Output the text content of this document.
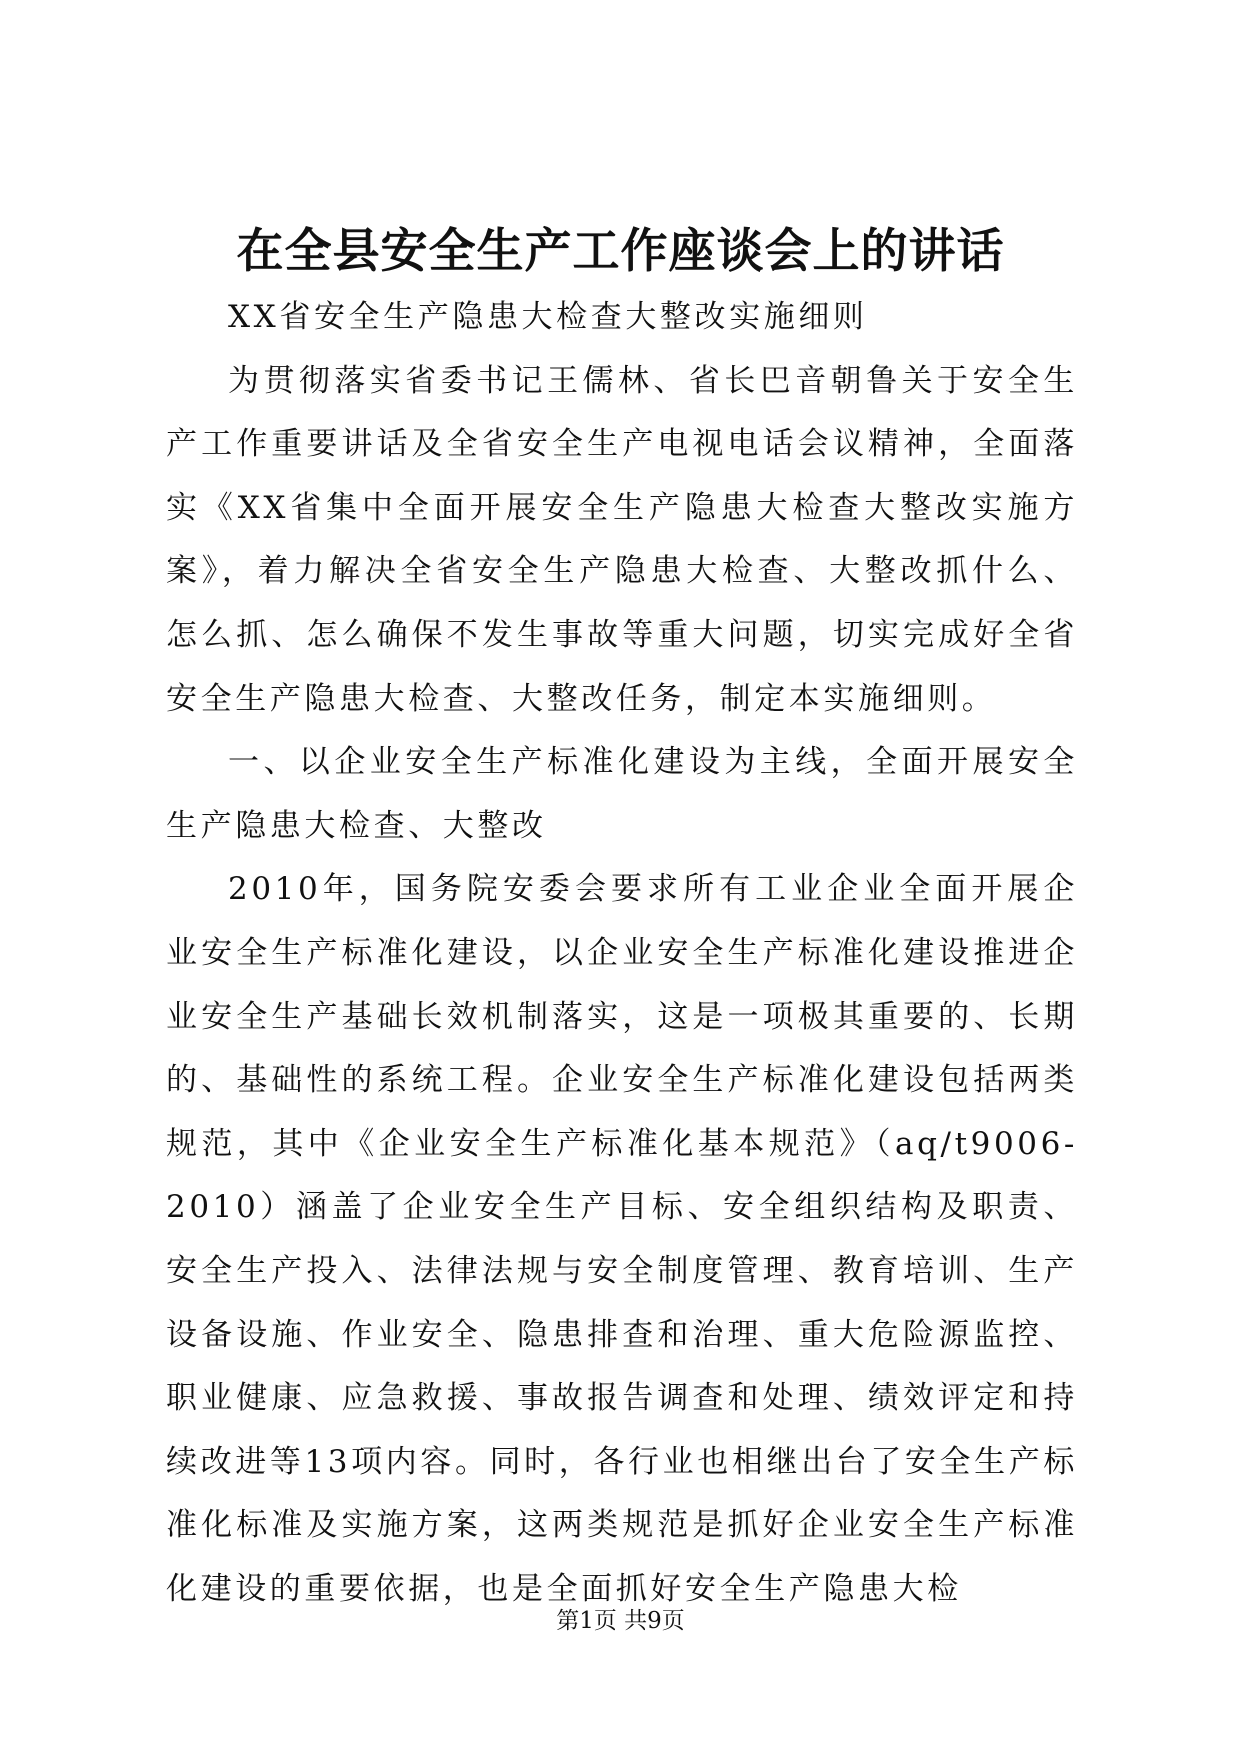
在全县安全生产工作座谈会上的讲话

XX省安全生产隐患大检查大整改实施细则

为贯彻落实省委书记王儒林、省长巴音朝鲁关于安全生产工作重要讲话及全省安全生产电视电话会议精神，全面落实《XX省集中全面开展安全生产隐患大检查大整改实施方案》，着力解决全省安全生产隐患大检查、大整改抓什么、怎么抓、怎么确保不发生事故等重大问题，切实完成好全省安全生产隐患大检查、大整改任务，制定本实施细则。

一、以企业安全生产标准化建设为主线，全面开展安全生产隐患大检查、大整改

2010年，国务院安委会要求所有工业企业全面开展企业安全生产标准化建设，以企业安全生产标准化建设推进企业安全生产基础长效机制落实，这是一项极其重要的、长期的、基础性的系统工程。企业安全生产标准化建设包括两类规范，其中《企业安全生产标准化基本规范》（aq/t9006-2010）涵盖了企业安全生产目标、安全组织结构及职责、安全生产投入、法律法规与安全制度管理、教育培训、生产设备设施、作业安全、隐患排查和治理、重大危险源监控、职业健康、应急救援、事故报告调查和处理、绩效评定和持续改进等13项内容。同时，各行业也相继出台了安全生产标准化标准及实施方案，这两类规范是抓好企业安全生产标准化建设的重要依据，也是全面抓好安全生产隐患大检

第1页 共9页
